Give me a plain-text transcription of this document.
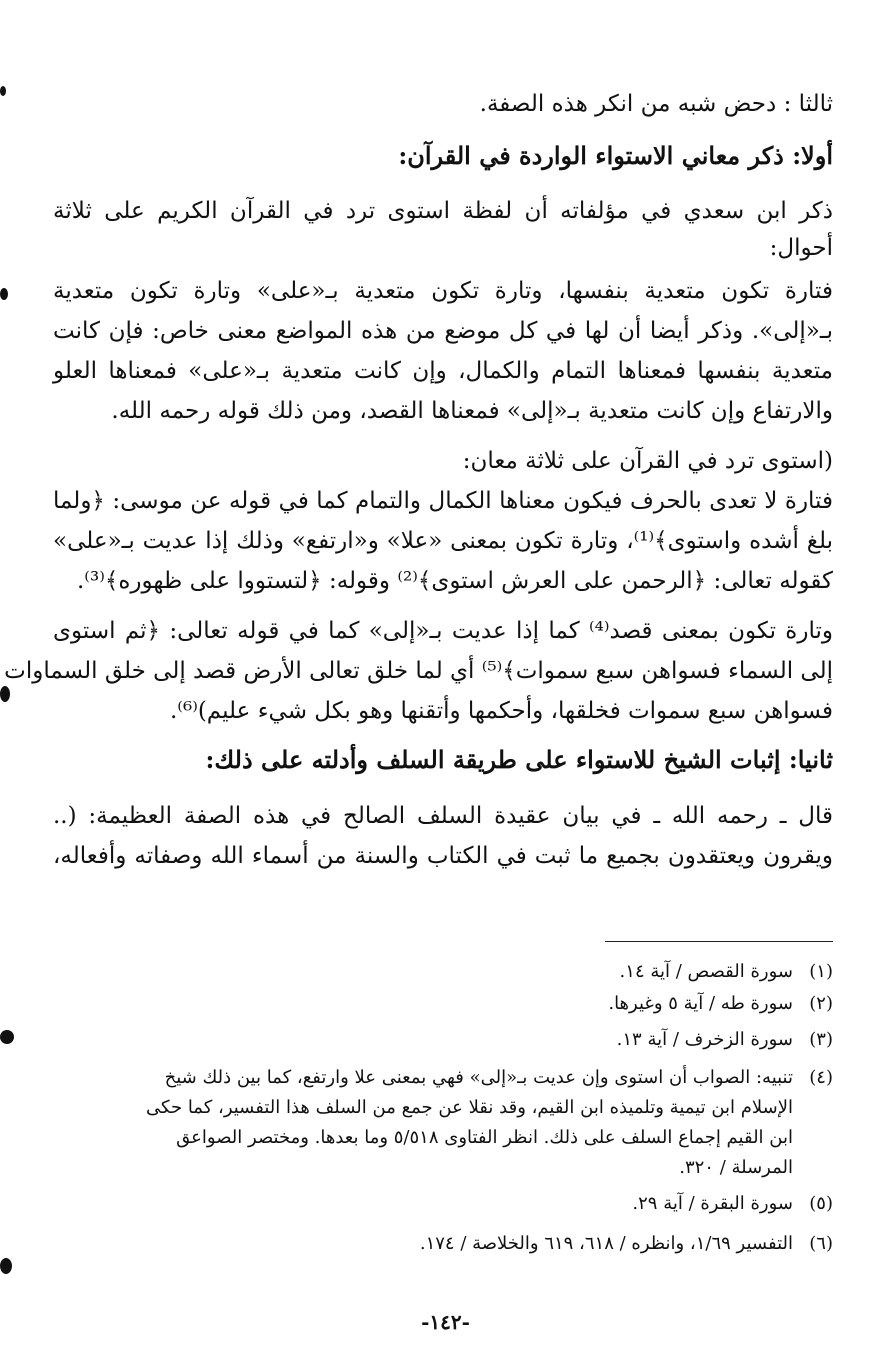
ثالثا : دحض شبه من انكر هذه الصفة.
أولا: ذكر معاني الاستواء الواردة في القرآن:
ذكر ابن سعدي في مؤلفاته أن لفظة استوى ترد في القرآن الكريم على ثلاثة
أحوال:
فتارة تكون متعدية بنفسها، وتارة تكون متعدية بـ«على» وتارة تكون متعدية
بـ«إلى». وذكر أيضا أن لها في كل موضع من هذه المواضع معنى خاص: فإن كانت
متعدية بنفسها فمعناها التمام والكمال، وإن كانت متعدية بـ«على» فمعناها العلو
والارتفاع وإن كانت متعدية بـ«إلى» فمعناها القصد، ومن ذلك قوله رحمه الله.
(استوى ترد في القرآن على ثلاثة معان:
فتارة لا تعدى بالحرف فيكون معناها الكمال والتمام كما في قوله عن موسى: ﴿ولما
بلغ أشده واستوى﴾⁽¹⁾، وتارة تكون بمعنى «علا» و«ارتفع» وذلك إذا عديت بـ«على»
كقوله تعالى: ﴿الرحمن على العرش استوى﴾⁽²⁾ وقوله: ﴿لتستووا على ظهوره﴾⁽³⁾.
وتارة تكون بمعنى قصد⁽⁴⁾ كما إذا عديت بـ«إلى» كما في قوله تعالى: ﴿ثم استوى
إلى السماء فسواهن سبع سموات﴾⁽⁵⁾ أي لما خلق تعالى الأرض قصد إلى خلق السماوات
فسواهن سبع سموات فخلقها، وأحكمها وأتقنها وهو بكل شيء عليم)⁽⁶⁾.
ثانيا: إثبات الشيخ للاستواء على طريقة السلف وأدلته على ذلك:
قال ـ رحمه الله ـ في بيان عقيدة السلف الصالح في هذه الصفة العظيمة: (..
ويقرون ويعتقدون بجميع ما ثبت في الكتاب والسنة من أسماء الله وصفاته وأفعاله،
(١)سورة القصص / آية ١٤.
(٢)سورة طه / آية ٥ وغيرها.
(٣)سورة الزخرف / آية ١٣.
(٤)تنبيه: الصواب أن استوى وإن عديت بـ«إلى» فهي بمعنى علا وارتفع، كما بين ذلك شيخ
الإسلام ابن تيمية وتلميذه ابن القيم، وقد نقلا عن جمع من السلف هذا التفسير، كما حكى
ابن القيم إجماع السلف على ذلك. انظر الفتاوى ٥/٥١٨ وما بعدها. ومختصر الصواعق
المرسلة / ٣٢٠.
(٥)سورة البقرة / آية ٢٩.
(٦)التفسير ١/٦٩، وانظره / ٦١٨، ٦١٩ والخلاصة / ١٧٤.
-١٤٢-
